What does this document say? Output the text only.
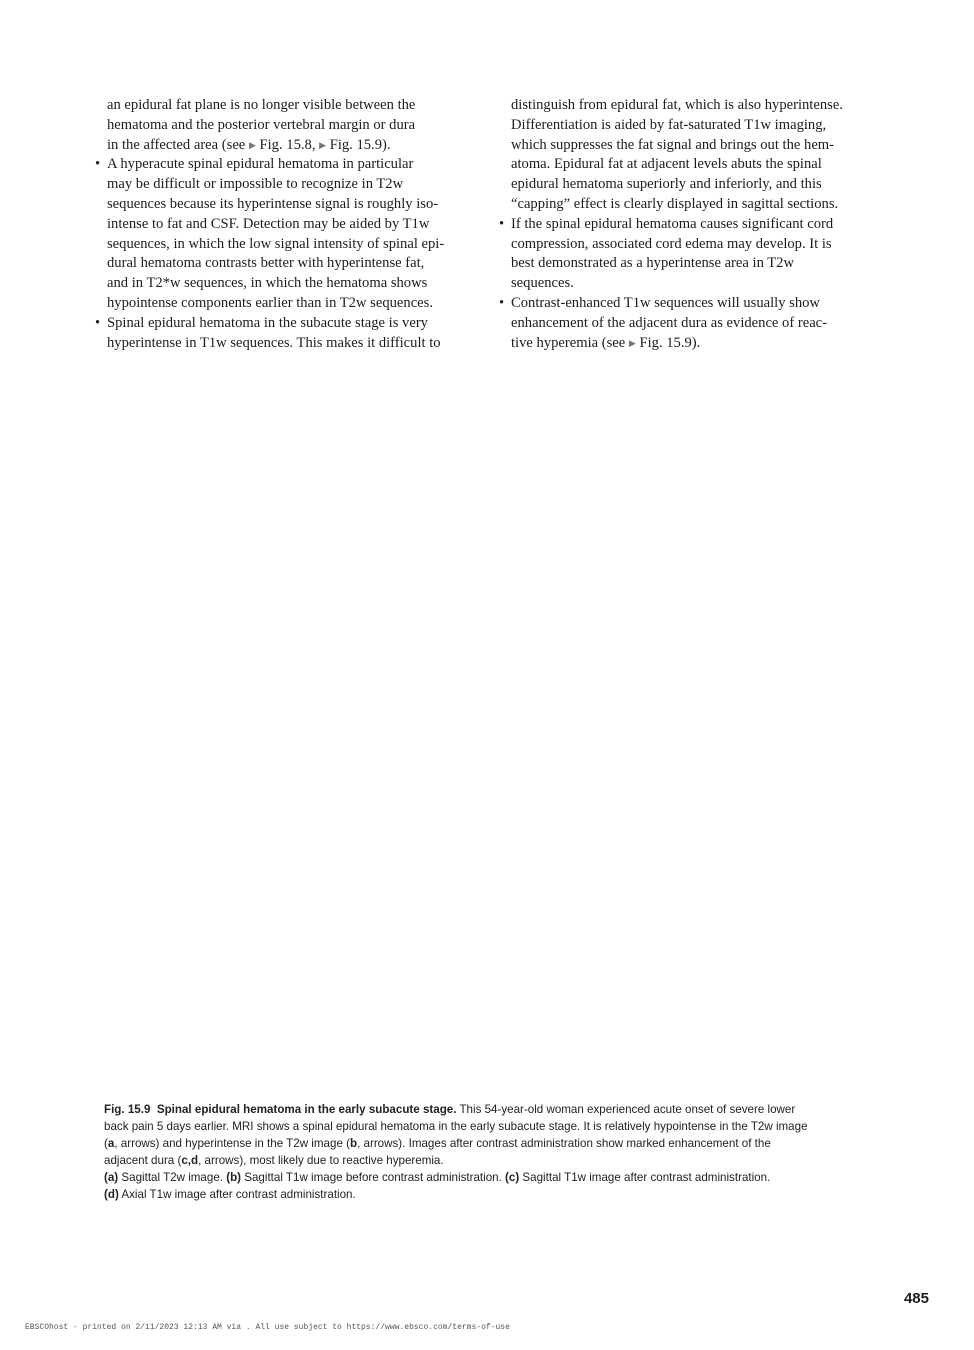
an epidural fat plane is no longer visible between the
hematoma and the posterior vertebral margin or dura
in the affected area (see ▶ Fig. 15.8, ▶ Fig. 15.9).
• A hyperacute spinal epidural hematoma in particular
may be difficult or impossible to recognize in T2w
sequences because its hyperintense signal is roughly iso-
intense to fat and CSF. Detection may be aided by T1w
sequences, in which the low signal intensity of spinal epi-
dural hematoma contrasts better with hyperintense fat,
and in T2*w sequences, in which the hematoma shows
hypointense components earlier than in T2w sequences.
• Spinal epidural hematoma in the subacute stage is very
hyperintense in T1w sequences. This makes it difficult to
distinguish from epidural fat, which is also hyperintense.
Differentiation is aided by fat-saturated T1w imaging,
which suppresses the fat signal and brings out the hem-
atoma. Epidural fat at adjacent levels abuts the spinal
epidural hematoma superiorly and inferiorly, and this
“capping” effect is clearly displayed in sagittal sections.
• If the spinal epidural hematoma causes significant cord
compression, associated cord edema may develop. It is
best demonstrated as a hyperintense area in T2w
sequences.
• Contrast-enhanced T1w sequences will usually show
enhancement of the adjacent dura as evidence of reac-
tive hyperemia (see ▶ Fig. 15.9).
Fig. 15.9 Spinal epidural hematoma in the early subacute stage. This 54-year-old woman experienced acute onset of severe lower
back pain 5 days earlier. MRI shows a spinal epidural hematoma in the early subacute stage. It is relatively hypointense in the T2w image
(a, arrows) and hyperintense in the T2w image (b, arrows). Images after contrast administration show marked enhancement of the
adjacent dura (c,d, arrows), most likely due to reactive hyperemia.
(a) Sagittal T2w image. (b) Sagittal T1w image before contrast administration. (c) Sagittal T1w image after contrast administration.
(d) Axial T1w image after contrast administration.
485
EBSCOhost - printed on 2/11/2023 12:13 AM via . All use subject to https://www.ebsco.com/terms-of-use
